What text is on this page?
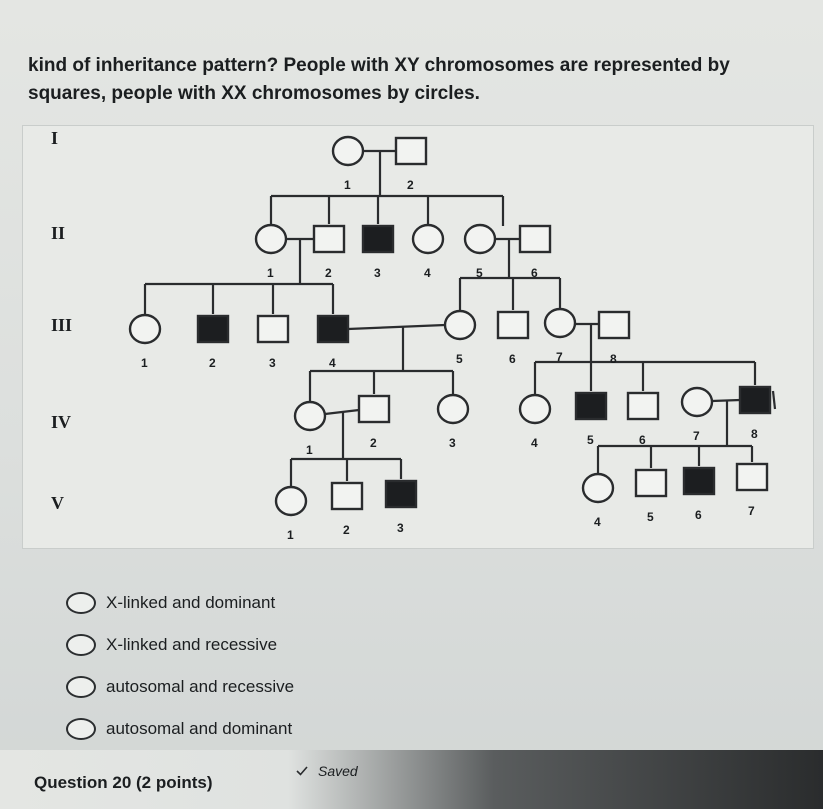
kind of inheritance pattern? People with XY chromosomes are represented by
squares, people with XX chromosomes by circles.

I
II
III
IV
V
1	2
1	2	3	4	5	6
1	2	3	4	5	6	7	8
1	2	3	4	5	6	7	8
1	2	3	4	5	6	7
X-linked and dominant
X-linked and recessive
autosomal and recessive
autosomal and dominant
Question 20 (2 points)
Saved
